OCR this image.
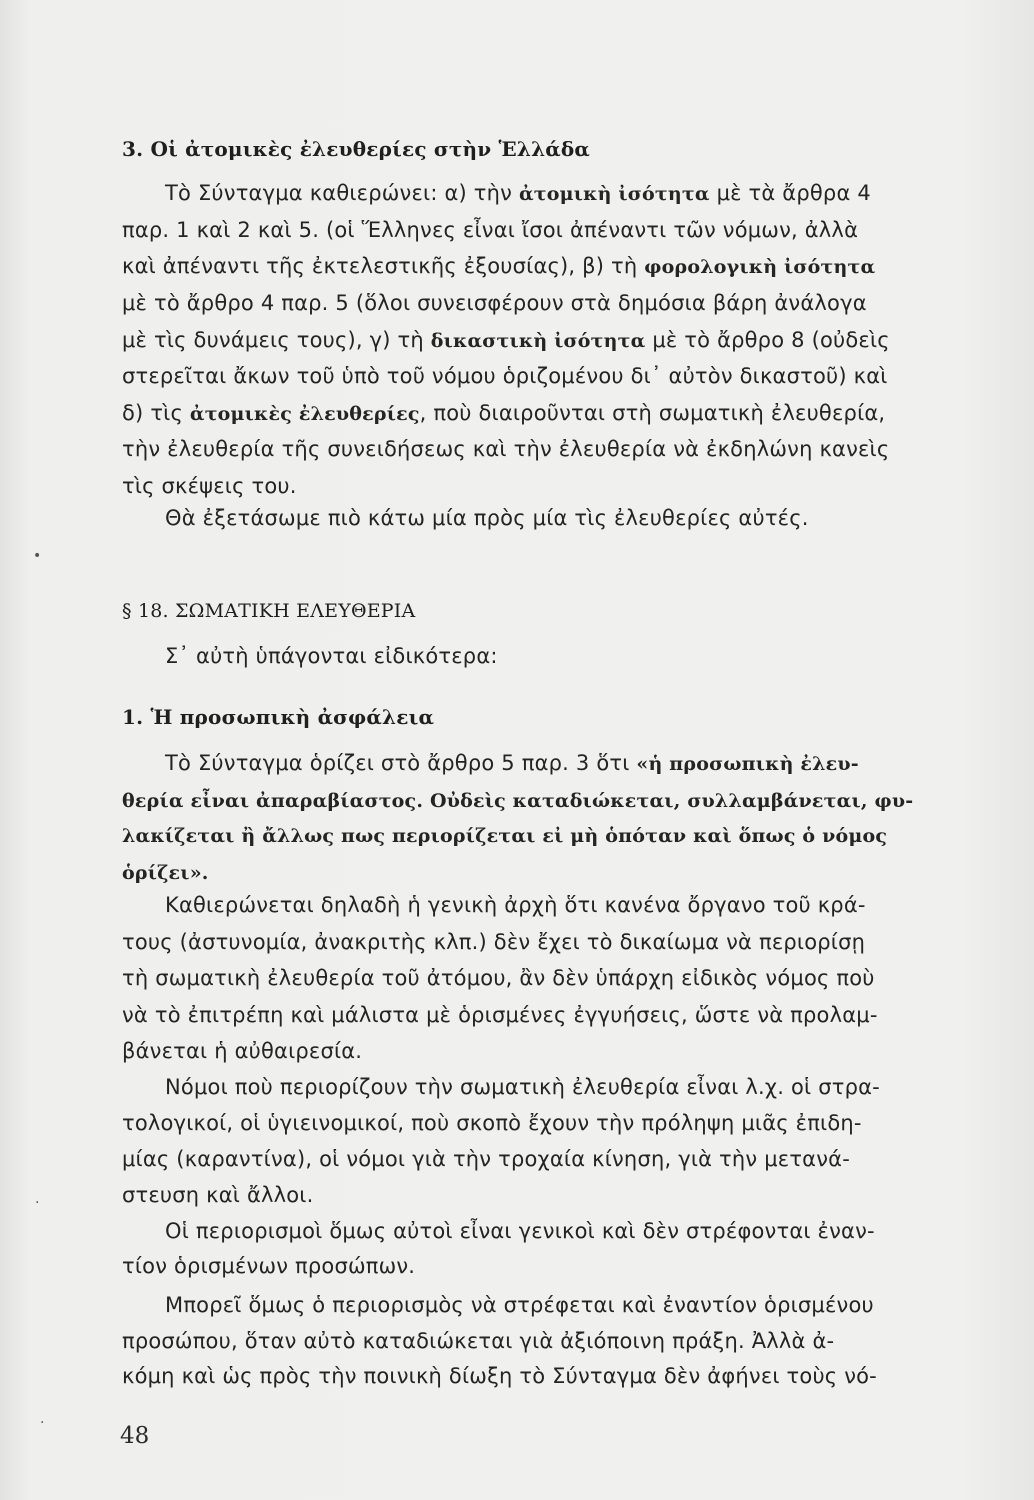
3. Οἱ ἀτομικὲς ἐλευθερίες στὴν Ἑλλάδα
Τὸ Σύνταγμα καθιερώνει: α) τὴν ἀτομικὴ ἰσότητα μὲ τὰ ἄρθρα 4
παρ. 1 καὶ 2 καὶ 5. (οἱ Ἕλληνες εἶναι ἴσοι ἀπέναντι τῶν νόμων, ἀλλὰ
καὶ ἀπέναντι τῆς ἐκτελεστικῆς ἐξουσίας), β) τὴ φορολογικὴ ἰσότητα
μὲ τὸ ἄρθρο 4 παρ. 5 (ὅλοι συνεισφέρουν στὰ δημόσια βάρη ἀνάλογα
μὲ τὶς δυνάμεις τους), γ) τὴ δικαστικὴ ἰσότητα μὲ τὸ ἄρθρο 8 (οὐδεὶς
στερεῖται ἄκων τοῦ ὑπὸ τοῦ νόμου ὁριζομένου δι᾽ αὐτὸν δικαστοῦ) καὶ
δ) τὶς ἀτομικὲς ἐλευθερίες, ποὺ διαιροῦνται στὴ σωματικὴ ἐλευθερία,
τὴν ἐλευθερία τῆς συνειδήσεως καὶ τὴν ἐλευθερία νὰ ἐκδηλώνη κανεὶς
τὶς σκέψεις του.
Θὰ ἐξετάσωμε πιὸ κάτω μία πρὸς μία τὶς ἐλευθερίες αὐτές.
§ 18. ΣΩΜΑΤΙΚΗ ΕΛΕΥΘΕΡΙΑ
Σ᾽ αὐτὴ ὑπάγονται εἰδικότερα:
1. Ἡ προσωπικὴ ἀσφάλεια
Τὸ Σύνταγμα ὁρίζει στὸ ἄρθρο 5 παρ. 3 ὅτι «ἡ προσωπικὴ ἐλευ-
θερία εἶναι ἀπαραβίαστος. Οὐδεὶς καταδιώκεται, συλλαμβάνεται, φυ-
λακίζεται ἢ ἄλλως πως περιορίζεται εἰ μὴ ὁπόταν καὶ ὅπως ὁ νόμος
ὁρίζει».
Καθιερώνεται δηλαδὴ ἡ γενικὴ ἀρχὴ ὅτι κανένα ὄργανο τοῦ κρά-
τους (ἀστυνομία, ἀνακριτὴς κλπ.) δὲν ἔχει τὸ δικαίωμα νὰ περιορίσῃ
τὴ σωματικὴ ἐλευθερία τοῦ ἀτόμου, ἂν δὲν ὑπάρχη εἰδικὸς νόμος ποὺ
νὰ τὸ ἐπιτρέπη καὶ μάλιστα μὲ ὁρισμένες ἐγγυήσεις, ὥστε νὰ προλαμ-
βάνεται ἡ αὐθαιρεσία.
Νόμοι ποὺ περιορίζουν τὴν σωματικὴ ἐλευθερία εἶναι λ.χ. οἱ στρα-
τολογικοί, οἱ ὑγιεινομικοί, ποὺ σκοπὸ ἔχουν τὴν πρόληψη μιᾶς ἐπιδη-
μίας (καραντίνα), οἱ νόμοι γιὰ τὴν τροχαία κίνηση, γιὰ τὴν μετανά-
στευση καὶ ἄλλοι.
Οἱ περιορισμοὶ ὅμως αὐτοὶ εἶναι γενικοὶ καὶ δὲν στρέφονται ἐναν-
τίον ὁρισμένων προσώπων.
Μπορεῖ ὅμως ὁ περιορισμὸς νὰ στρέφεται καὶ ἐναντίον ὁρισμένου
προσώπου, ὅταν αὐτὸ καταδιώκεται γιὰ ἀξιόποινη πράξη. Ἀλλὰ ἀ-
κόμη καὶ ὡς πρὸς τὴν ποινικὴ δίωξη τὸ Σύνταγμα δὲν ἀφήνει τοὺς νό-
48
•
·
·
